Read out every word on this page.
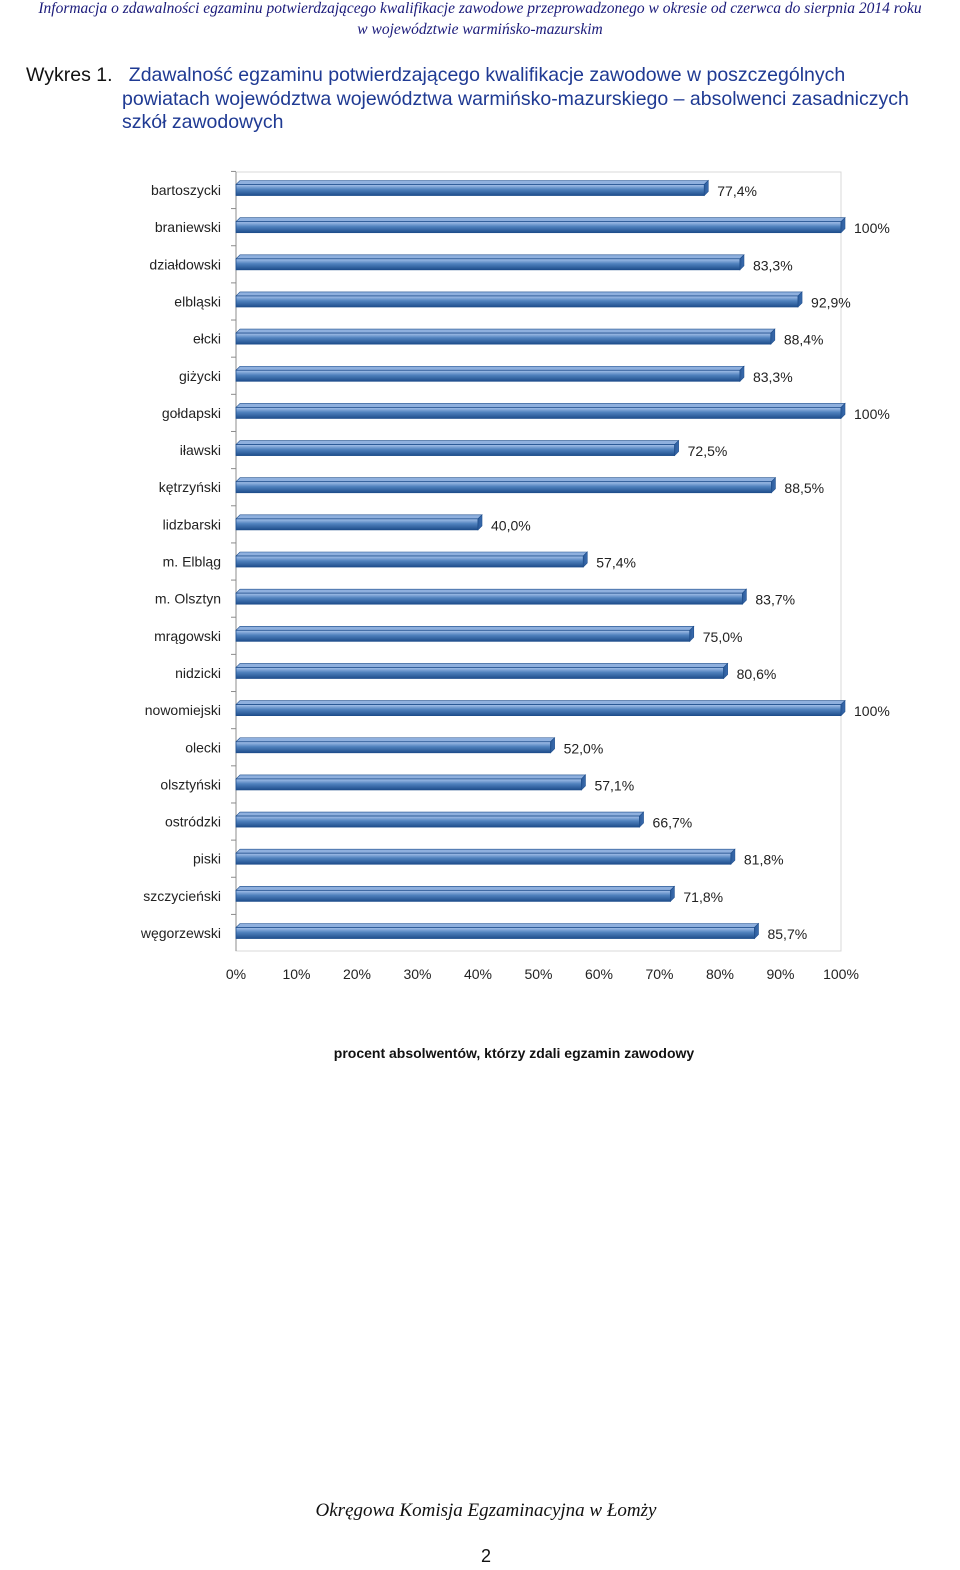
Informacja o zdawalności egzaminu potwierdzającego kwalifikacje zawodowe przeprowadzonego w okresie od czerwca do sierpnia 2014 roku
w województwie warmińsko-mazurskim
Wykres 1. Zdawalność egzaminu potwierdzającego kwalifikacje zawodowe w poszczególnych
powiatach województwa województwa warmińsko-mazurskiego – absolwenci zasadniczych
szkół zawodowych
bartoszycki	77,4%
braniewski	100%
działdowski	83,3%
elbląski	92,9%
ełcki	88,4%
giżycki	83,3%
gołdapski	100%
iławski	72,5%
kętrzyński	88,5%
lidzbarski	40,0%
m. Elbląg	57,4%
m. Olsztyn	83,7%
mrągowski	75,0%
nidzicki	80,6%
nowomiejski	100%
olecki	52,0%
olsztyński	57,1%
ostródzki	66,7%
piski	81,8%
szczycieński	71,8%
węgorzewski	85,7%
0%	10% 20% 30% 40% 50% 60% 70% 80% 90% 100%
procent absolwentów, którzy zdali egzamin zawodowy
Okręgowa Komisja Egzaminacyjna w Łomży
2
